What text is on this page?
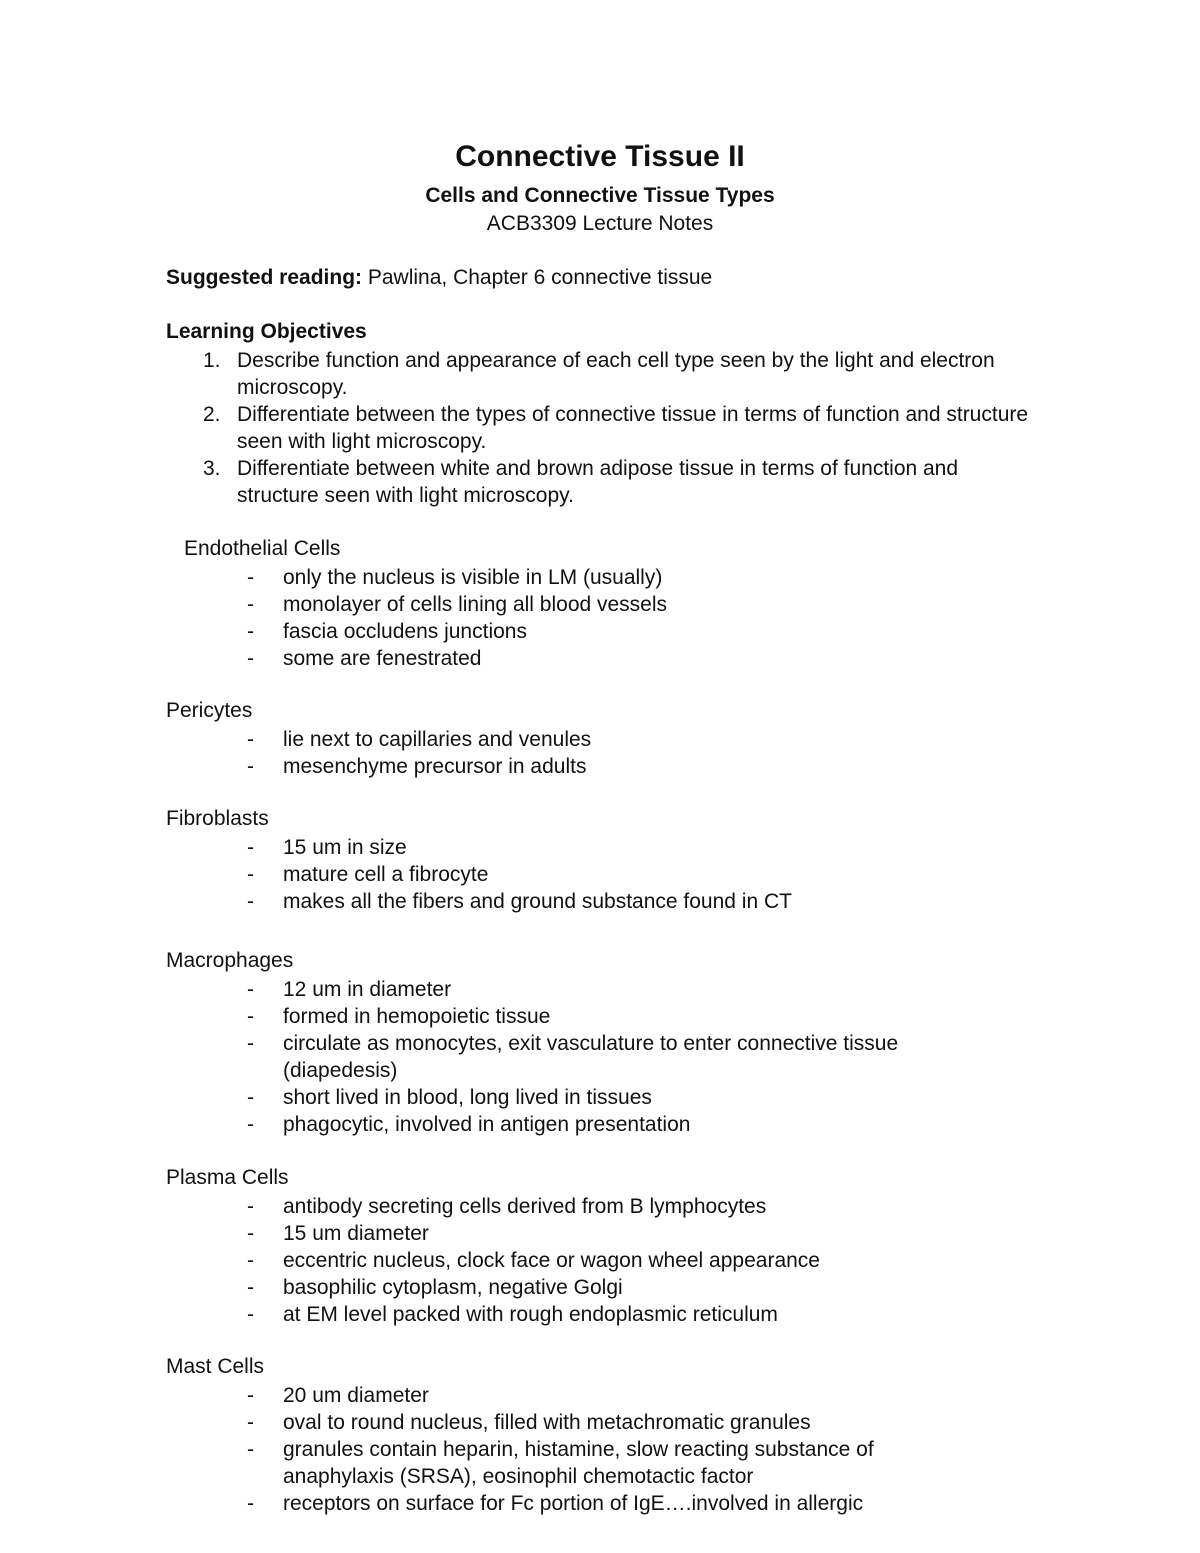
Connective Tissue II
Cells and Connective Tissue Types
ACB3309 Lecture Notes
Suggested reading: Pawlina, Chapter 6 connective tissue
Learning Objectives
1. Describe function and appearance of each cell type seen by the light and electron microscopy.
2. Differentiate between the types of connective tissue in terms of function and structure seen with light microscopy.
3. Differentiate between white and brown adipose tissue in terms of function and structure seen with light microscopy.
Endothelial Cells
- only the nucleus is visible in LM (usually)
- monolayer of cells lining all blood vessels
- fascia occludens junctions
- some are fenestrated
Pericytes
- lie next to capillaries and venules
- mesenchyme precursor in adults
Fibroblasts
- 15 um in size
- mature cell a fibrocyte
- makes all the fibers and ground substance found in CT
Macrophages
- 12 um in diameter
- formed in hemopoietic tissue
- circulate as monocytes, exit vasculature to enter connective tissue (diapedesis)
- short lived in blood, long lived in tissues
- phagocytic, involved in antigen presentation
Plasma Cells
- antibody secreting cells derived from B lymphocytes
- 15 um diameter
- eccentric nucleus, clock face or wagon wheel appearance
- basophilic cytoplasm, negative Golgi
- at EM level packed with rough endoplasmic reticulum
Mast Cells
- 20 um diameter
- oval to round nucleus, filled with metachromatic granules
- granules contain heparin, histamine, slow reacting substance of anaphylaxis (SRSA), eosinophil chemotactic factor
- receptors on surface for Fc portion of IgE….involved in allergic
